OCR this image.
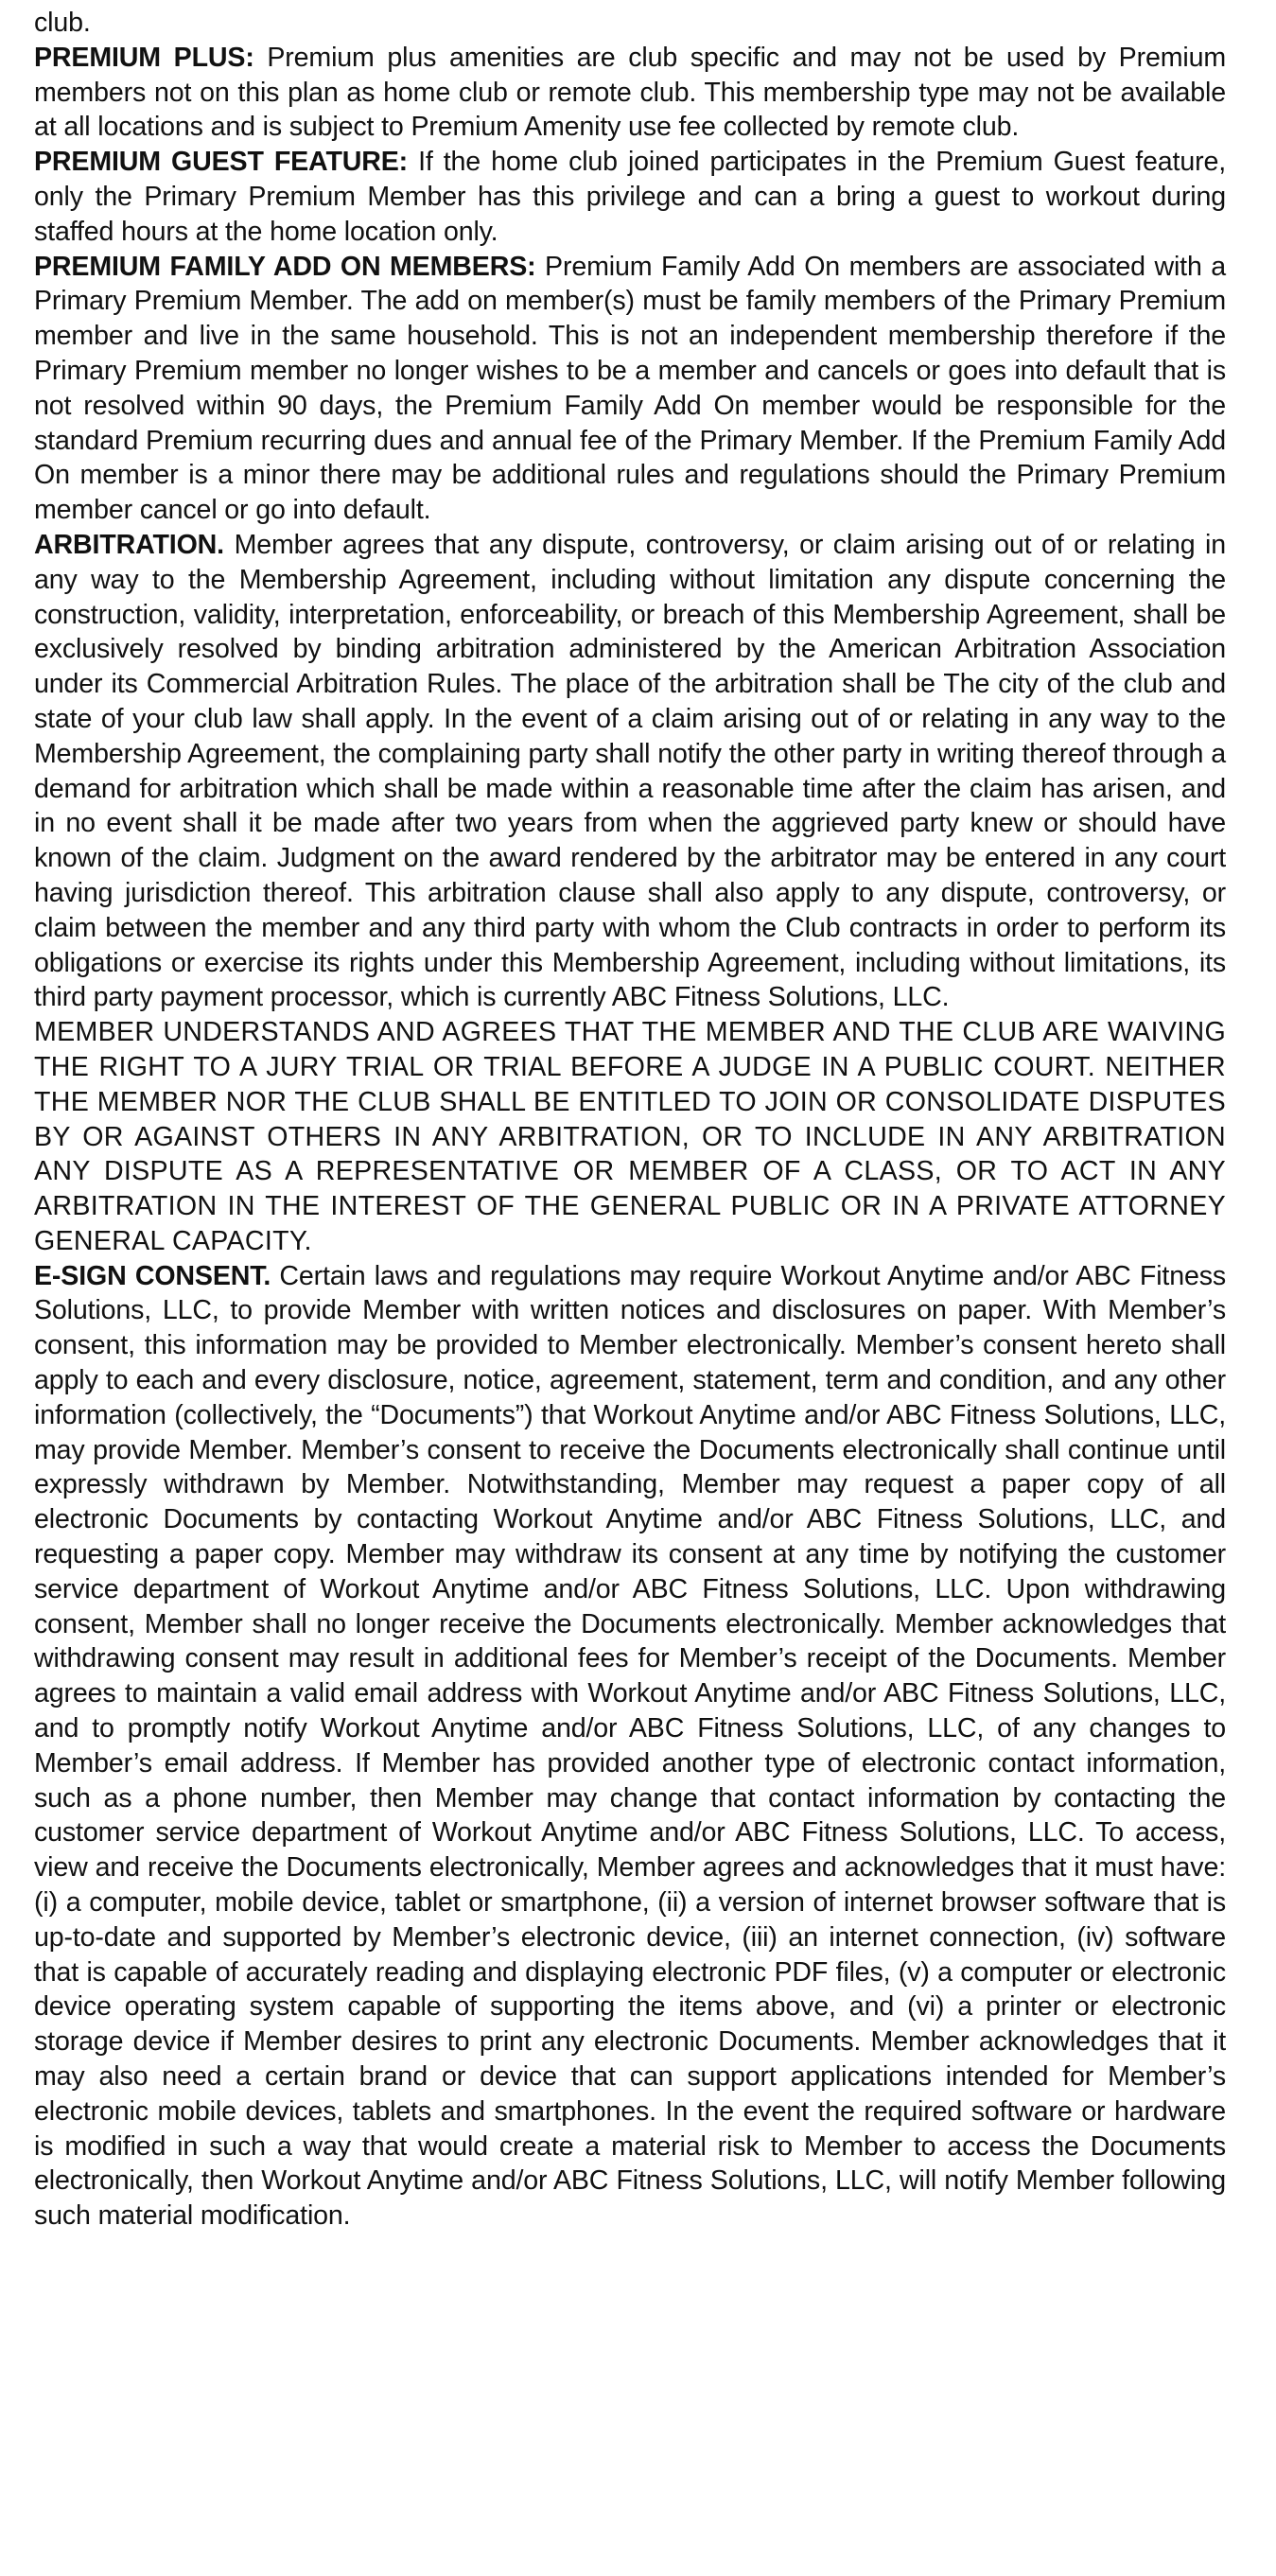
club.

PREMIUM PLUS: Premium plus amenities are club specific and may not be used by Premium members not on this plan as home club or remote club. This membership type may not be available at all locations and is subject to Premium Amenity use fee collected by remote club.

PREMIUM GUEST FEATURE: If the home club joined participates in the Premium Guest feature, only the Primary Premium Member has this privilege and can a bring a guest to workout during staffed hours at the home location only.

PREMIUM FAMILY ADD ON MEMBERS: Premium Family Add On members are associated with a Primary Premium Member. The add on member(s) must be family members of the Primary Premium member and live in the same household. This is not an independent membership therefore if the Primary Premium member no longer wishes to be a member and cancels or goes into default that is not resolved within 90 days, the Premium Family Add On member would be responsible for the standard Premium recurring dues and annual fee of the Primary Member. If the Premium Family Add On member is a minor there may be additional rules and regulations should the Primary Premium member cancel or go into default.

ARBITRATION. Member agrees that any dispute, controversy, or claim arising out of or relating in any way to the Membership Agreement, including without limitation any dispute concerning the construction, validity, interpretation, enforceability, or breach of this Membership Agreement, shall be exclusively resolved by binding arbitration administered by the American Arbitration Association under its Commercial Arbitration Rules. The place of the arbitration shall be The city of the club and state of your club law shall apply. In the event of a claim arising out of or relating in any way to the Membership Agreement, the complaining party shall notify the other party in writing thereof through a demand for arbitration which shall be made within a reasonable time after the claim has arisen, and in no event shall it be made after two years from when the aggrieved party knew or should have known of the claim. Judgment on the award rendered by the arbitrator may be entered in any court having jurisdiction thereof. This arbitration clause shall also apply to any dispute, controversy, or claim between the member and any third party with whom the Club contracts in order to perform its obligations or exercise its rights under this Membership Agreement, including without limitations, its third party payment processor, which is currently ABC Fitness Solutions, LLC.

MEMBER UNDERSTANDS AND AGREES THAT THE MEMBER AND THE CLUB ARE WAIVING THE RIGHT TO A JURY TRIAL OR TRIAL BEFORE A JUDGE IN A PUBLIC COURT. NEITHER THE MEMBER NOR THE CLUB SHALL BE ENTITLED TO JOIN OR CONSOLIDATE DISPUTES BY OR AGAINST OTHERS IN ANY ARBITRATION, OR TO INCLUDE IN ANY ARBITRATION ANY DISPUTE AS A REPRESENTATIVE OR MEMBER OF A CLASS, OR TO ACT IN ANY ARBITRATION IN THE INTEREST OF THE GENERAL PUBLIC OR IN A PRIVATE ATTORNEY GENERAL CAPACITY.

E-SIGN CONSENT. Certain laws and regulations may require Workout Anytime and/or ABC Fitness Solutions, LLC, to provide Member with written notices and disclosures on paper. With Member’s consent, this information may be provided to Member electronically. Member’s consent hereto shall apply to each and every disclosure, notice, agreement, statement, term and condition, and any other information (collectively, the “Documents”) that Workout Anytime and/or ABC Fitness Solutions, LLC, may provide Member. Member’s consent to receive the Documents electronically shall continue until expressly withdrawn by Member. Notwithstanding, Member may request a paper copy of all electronic Documents by contacting Workout Anytime and/or ABC Fitness Solutions, LLC, and requesting a paper copy. Member may withdraw its consent at any time by notifying the customer service department of Workout Anytime and/or ABC Fitness Solutions, LLC. Upon withdrawing consent, Member shall no longer receive the Documents electronically. Member acknowledges that withdrawing consent may result in additional fees for Member’s receipt of the Documents. Member agrees to maintain a valid email address with Workout Anytime and/or ABC Fitness Solutions, LLC, and to promptly notify Workout Anytime and/or ABC Fitness Solutions, LLC, of any changes to Member’s email address. If Member has provided another type of electronic contact information, such as a phone number, then Member may change that contact information by contacting the customer service department of Workout Anytime and/or ABC Fitness Solutions, LLC. To access, view and receive the Documents electronically, Member agrees and acknowledges that it must have: (i) a computer, mobile device, tablet or smartphone, (ii) a version of internet browser software that is up-to-date and supported by Member’s electronic device, (iii) an internet connection, (iv) software that is capable of accurately reading and displaying electronic PDF files, (v) a computer or electronic device operating system capable of supporting the items above, and (vi) a printer or electronic storage device if Member desires to print any electronic Documents. Member acknowledges that it may also need a certain brand or device that can support applications intended for Member’s electronic mobile devices, tablets and smartphones. In the event the required software or hardware is modified in such a way that would create a material risk to Member to access the Documents electronically, then Workout Anytime and/or ABC Fitness Solutions, LLC, will notify Member following such material modification.
